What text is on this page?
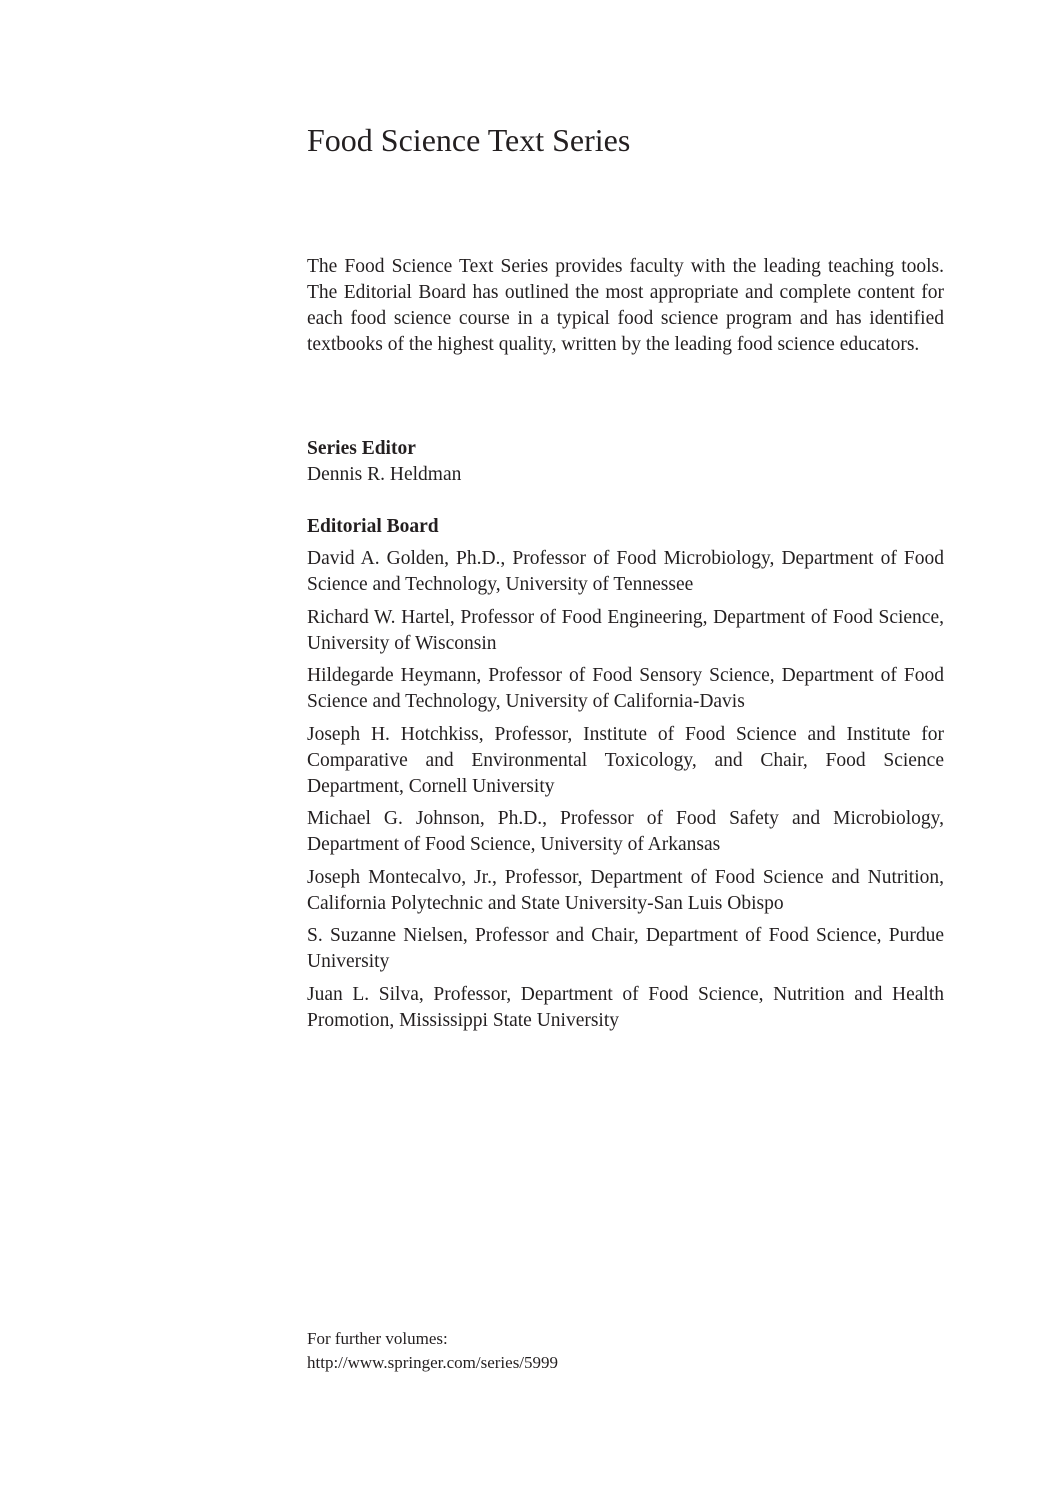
Food Science Text Series

The Food Science Text Series provides faculty with the leading teaching tools. The Editorial Board has outlined the most appropriate and complete content for each food science course in a typical food science program and has identified textbooks of the highest quality, written by the leading food science educators.

Series Editor

Dennis R. Heldman

Editorial Board

David A. Golden, Ph.D., Professor of Food Microbiology, Department of Food Science and Technology, University of Tennessee
Richard W. Hartel, Professor of Food Engineering, Department of Food Science, University of Wisconsin
Hildegarde Heymann, Professor of Food Sensory Science, Department of Food Science and Technology, University of California-Davis
Joseph H. Hotchkiss, Professor, Institute of Food Science and Institute for Comparative and Environmental Toxicology, and Chair, Food Science Department, Cornell University
Michael G. Johnson, Ph.D., Professor of Food Safety and Microbiology, Department of Food Science, University of Arkansas
Joseph Montecalvo, Jr., Professor, Department of Food Science and Nutrition, California Polytechnic and State University-San Luis Obispo
S. Suzanne Nielsen, Professor and Chair, Department of Food Science, Purdue University
Juan L. Silva, Professor, Department of Food Science, Nutrition and Health Promotion, Mississippi State University

For further volumes:

http://www.springer.com/series/5999
